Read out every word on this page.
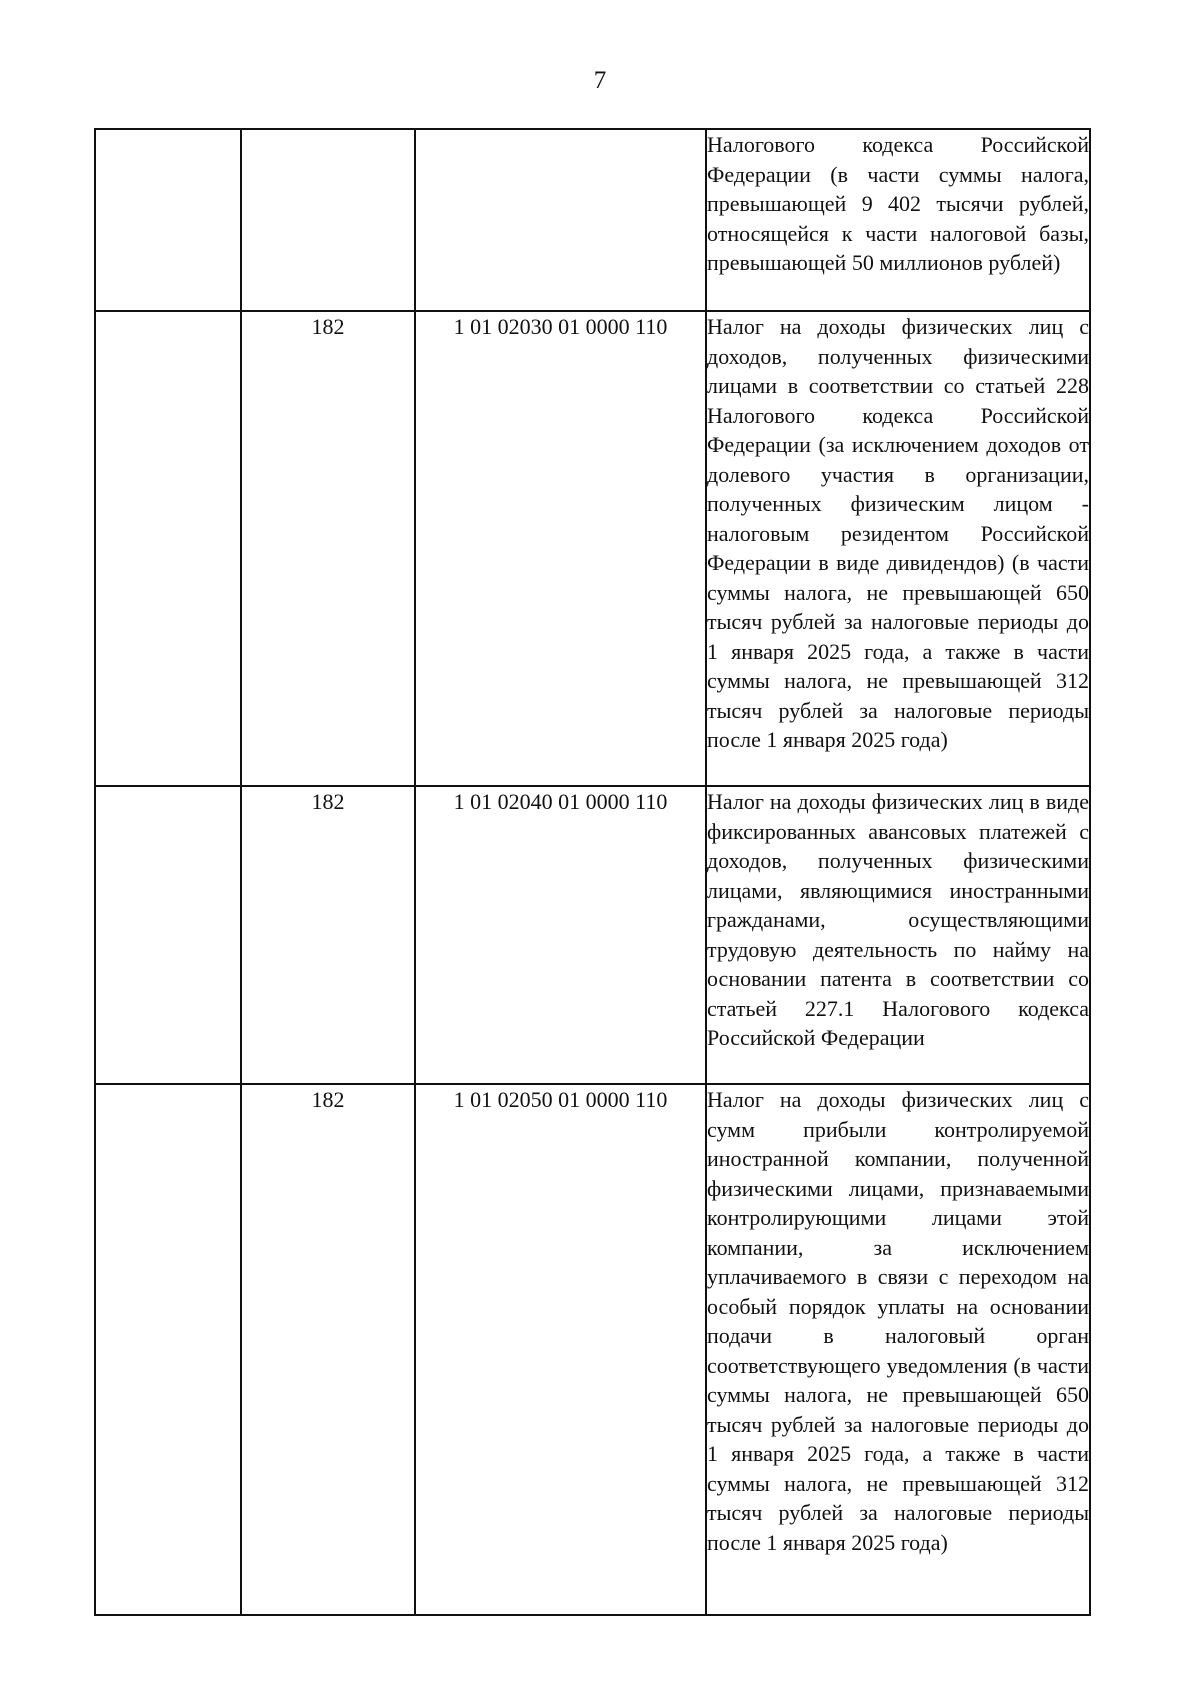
7

			Налогового кодекса Российской Федерации (в части суммы налога, превышающей 9 402 тысячи рублей, относящейся к части налоговой базы, превышающей 50 миллионов рублей)

	182	1 01 02030 01 0000 110	Налог на доходы физических лиц с доходов, полученных физическими лицами в соответствии со статьей 228 Налогового кодекса Российской Федерации (за исключением доходов от долевого участия в организации, полученных физическим лицом - налоговым резидентом Российской Федерации в виде дивидендов) (в части суммы налога, не превышающей 650 тысяч рублей за налоговые периоды до 1 января 2025 года, а также в части суммы налога, не превышающей 312 тысяч рублей за налоговые периоды после 1 января 2025 года)

	182	1 01 02040 01 0000 110	Налог на доходы физических лиц в виде фиксированных авансовых платежей с доходов, полученных физическими лицами, являющимися иностранными гражданами, осуществляющими трудовую деятельность по найму на основании патента в соответствии со статьей 227.1 Налогового кодекса Российской Федерации

	182	1 01 02050 01 0000 110	Налог на доходы физических лиц с сумм прибыли контролируемой иностранной компании, полученной физическими лицами, признаваемыми контролирующими лицами этой компании, за исключением уплачиваемого в связи с переходом на особый порядок уплаты на основании подачи в налоговый орган соответствующего уведомления (в части суммы налога, не превышающей 650 тысяч рублей за налоговые периоды до 1 января 2025 года, а также в части суммы налога, не превышающей 312 тысяч рублей за налоговые периоды после 1 января 2025 года)
